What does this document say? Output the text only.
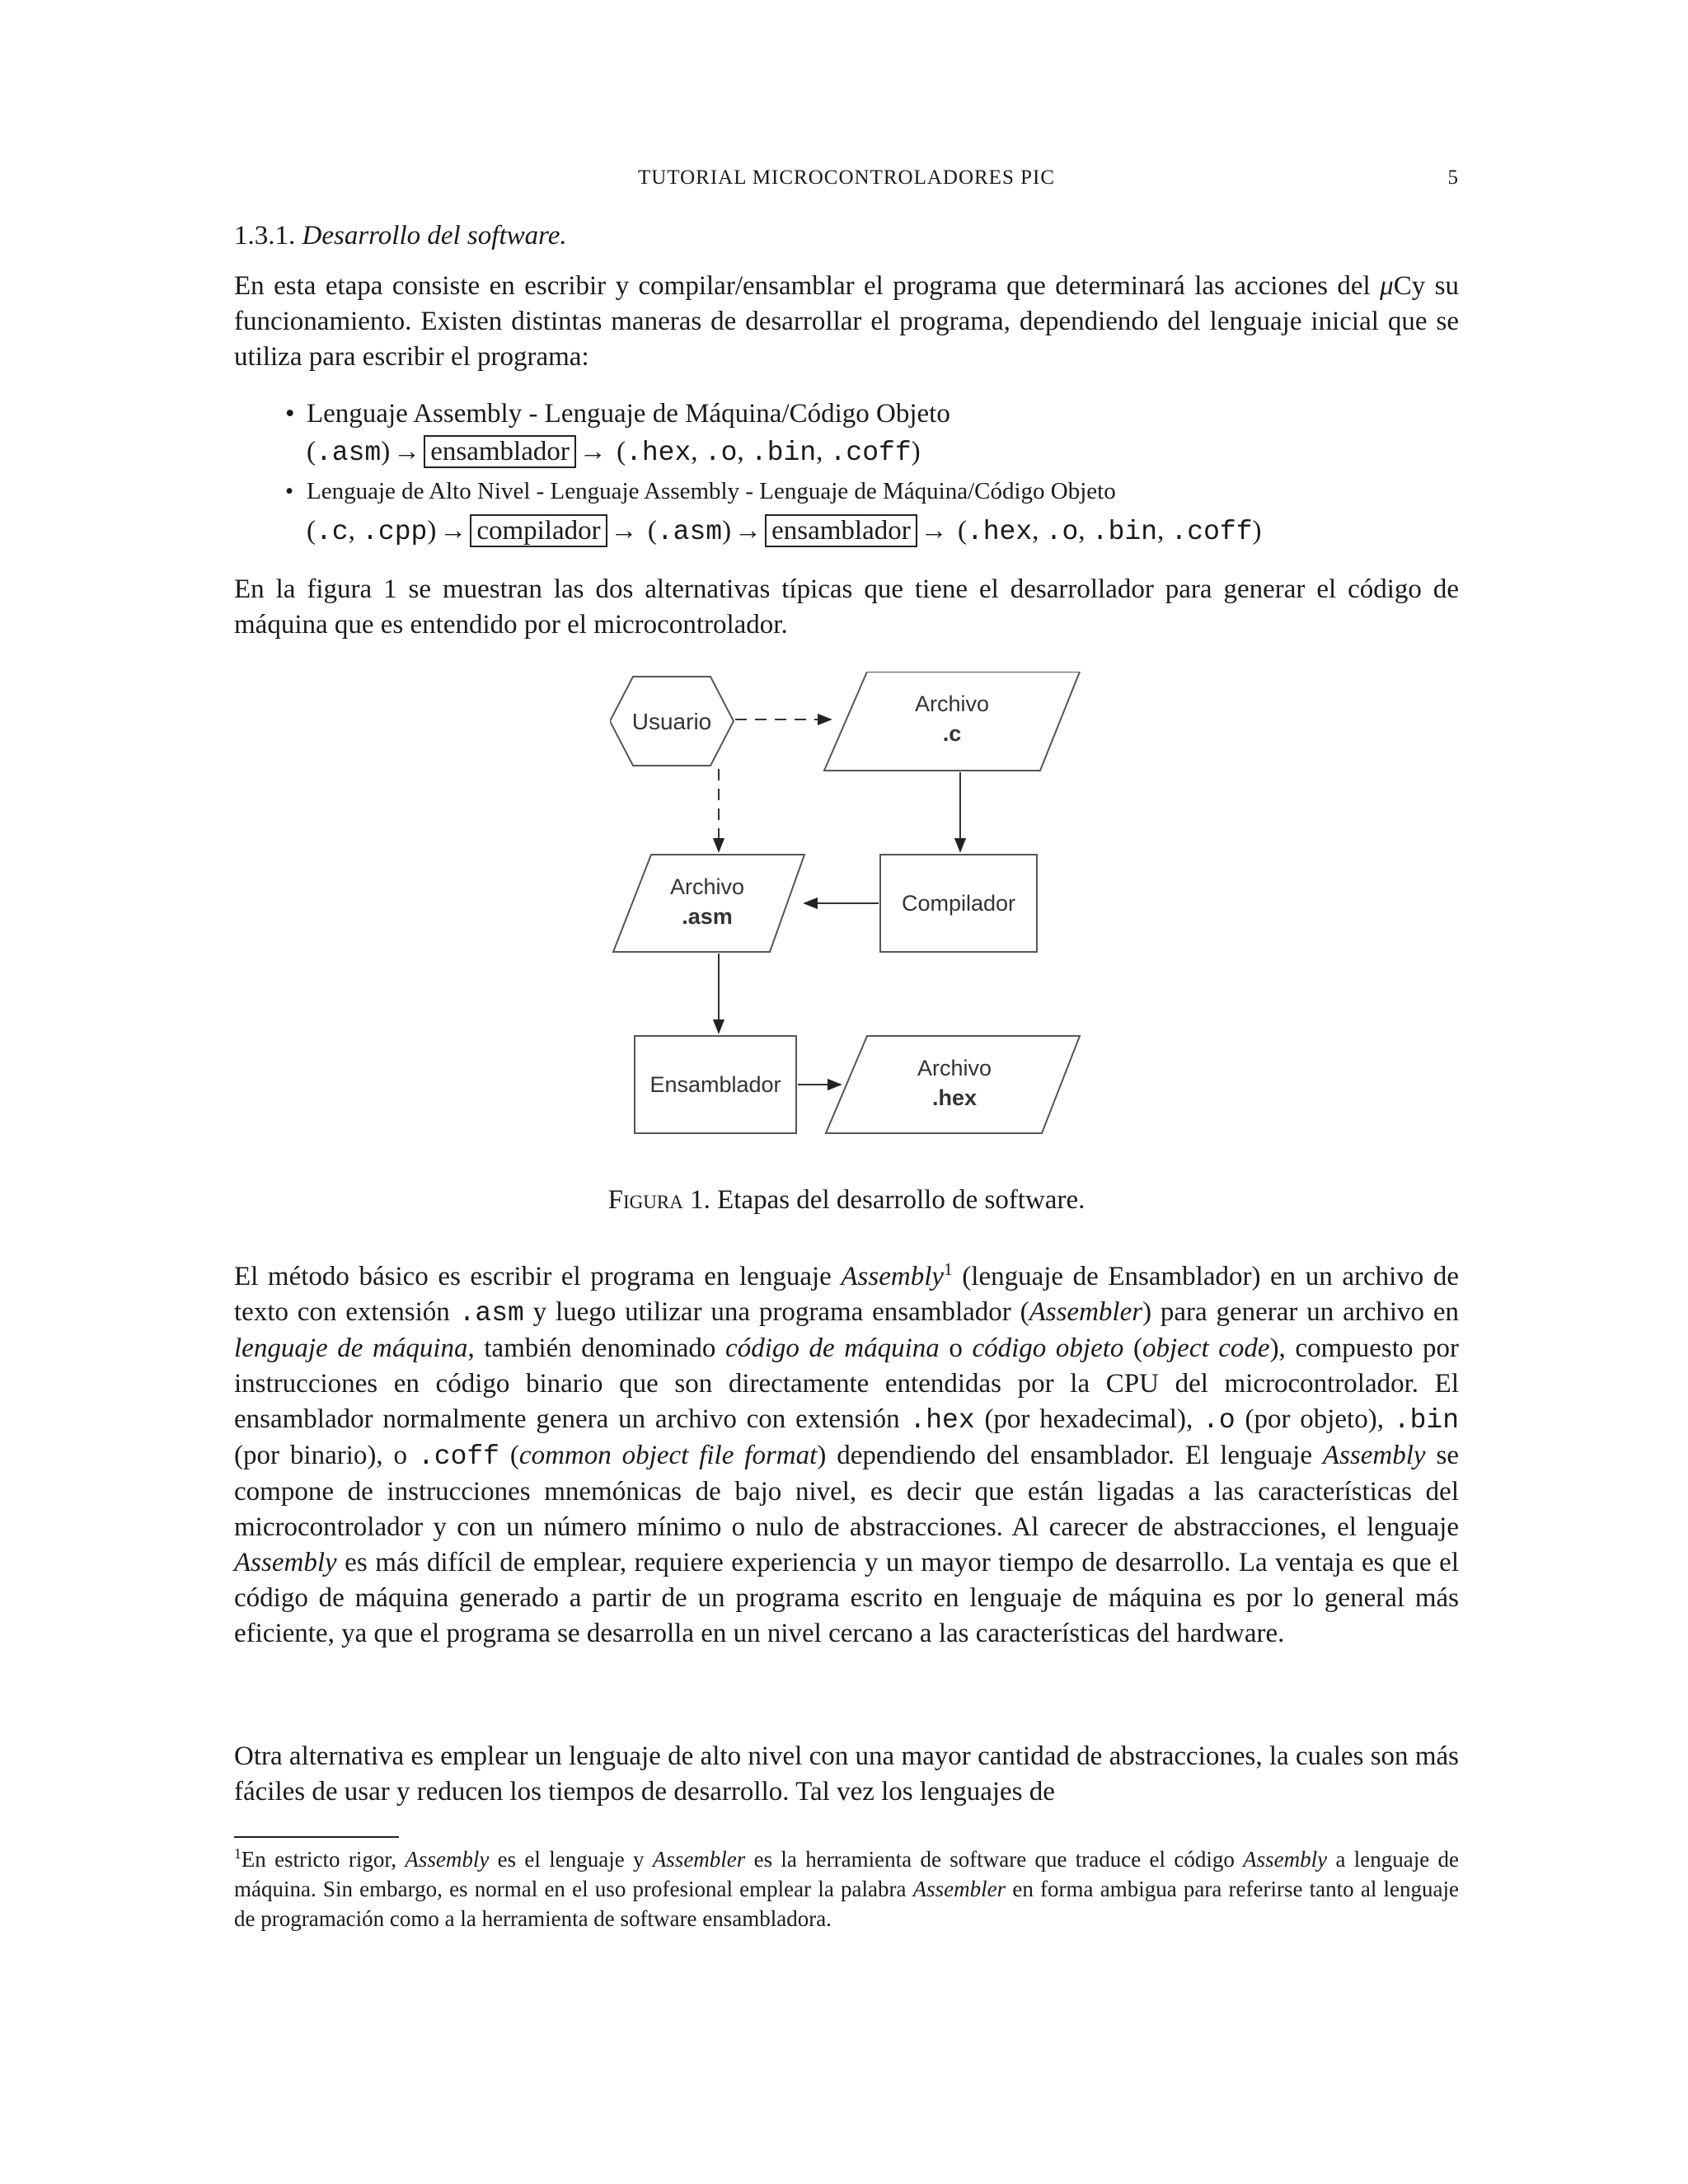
TUTORIAL MICROCONTROLADORES PIC	5
1.3.1. Desarrollo del software.
En esta etapa consiste en escribir y compilar/ensamblar el programa que determinará las acciones del μCy su funcionamiento. Existen distintas maneras de desarrollar el programa, dependiendo del lenguaje inicial que se utiliza para escribir el programa:
• Lenguaje Assembly - Lenguaje de Máquina/Código Objeto
(.asm) → ensamblador → (.hex, .o, .bin, .coff)
• Lenguaje de Alto Nivel - Lenguaje Assembly - Lenguaje de Máquina/Código Objeto
(.c, .cpp) → compilador → (.asm) → ensamblador → (.hex, .o, .bin, .coff)
En la figura 1 se muestran las dos alternativas típicas que tiene el desarrollador para generar el código de máquina que es entendido por el microcontrolador.
Usuario
Archivo
.c
Archivo
.asm
Compilador
Ensamblador
Archivo
.hex
Figura 1. Etapas del desarrollo de software.
El método básico es escribir el programa en lenguaje Assembly$^1$ (lenguaje de Ensamblador) en un archivo de texto con extensión .asm y luego utilizar una programa ensamblador (Assembler) para generar un archivo en lenguaje de máquina, también denominado código de máquina o código objeto (object code), compuesto por instrucciones en código binario que son directamente entendidas por la CPU del microcontrolador. El ensamblador normalmente genera un archivo con extensión .hex (por hexadecimal), .o (por objeto), .bin (por binario), o .coff (common object file format) dependiendo del ensamblador. El lenguaje Assembly se compone de instrucciones mnemónicas de bajo nivel, es decir que están ligadas a las características del microcontrolador y con un número mínimo o nulo de abstracciones. Al carecer de abstracciones, el lenguaje Assembly es más difícil de emplear, requiere experiencia y un mayor tiempo de desarrollo. La ventaja es que el código de máquina generado a partir de un programa escrito en lenguaje de máquina es por lo general más eficiente, ya que el programa se desarrolla en un nivel cercano a las características del hardware.
Otra alternativa es emplear un lenguaje de alto nivel con una mayor cantidad de abstracciones, la cuales son más fáciles de usar y reducen los tiempos de desarrollo. Tal vez los lenguajes de
$^1$En estricto rigor, Assembly es el lenguaje y Assembler es la herramienta de software que traduce el código Assembly a lenguaje de máquina. Sin embargo, es normal en el uso profesional emplear la palabra Assembler en forma ambigua para referirse tanto al lenguaje de programación como a la herramienta de software ensambladora.
